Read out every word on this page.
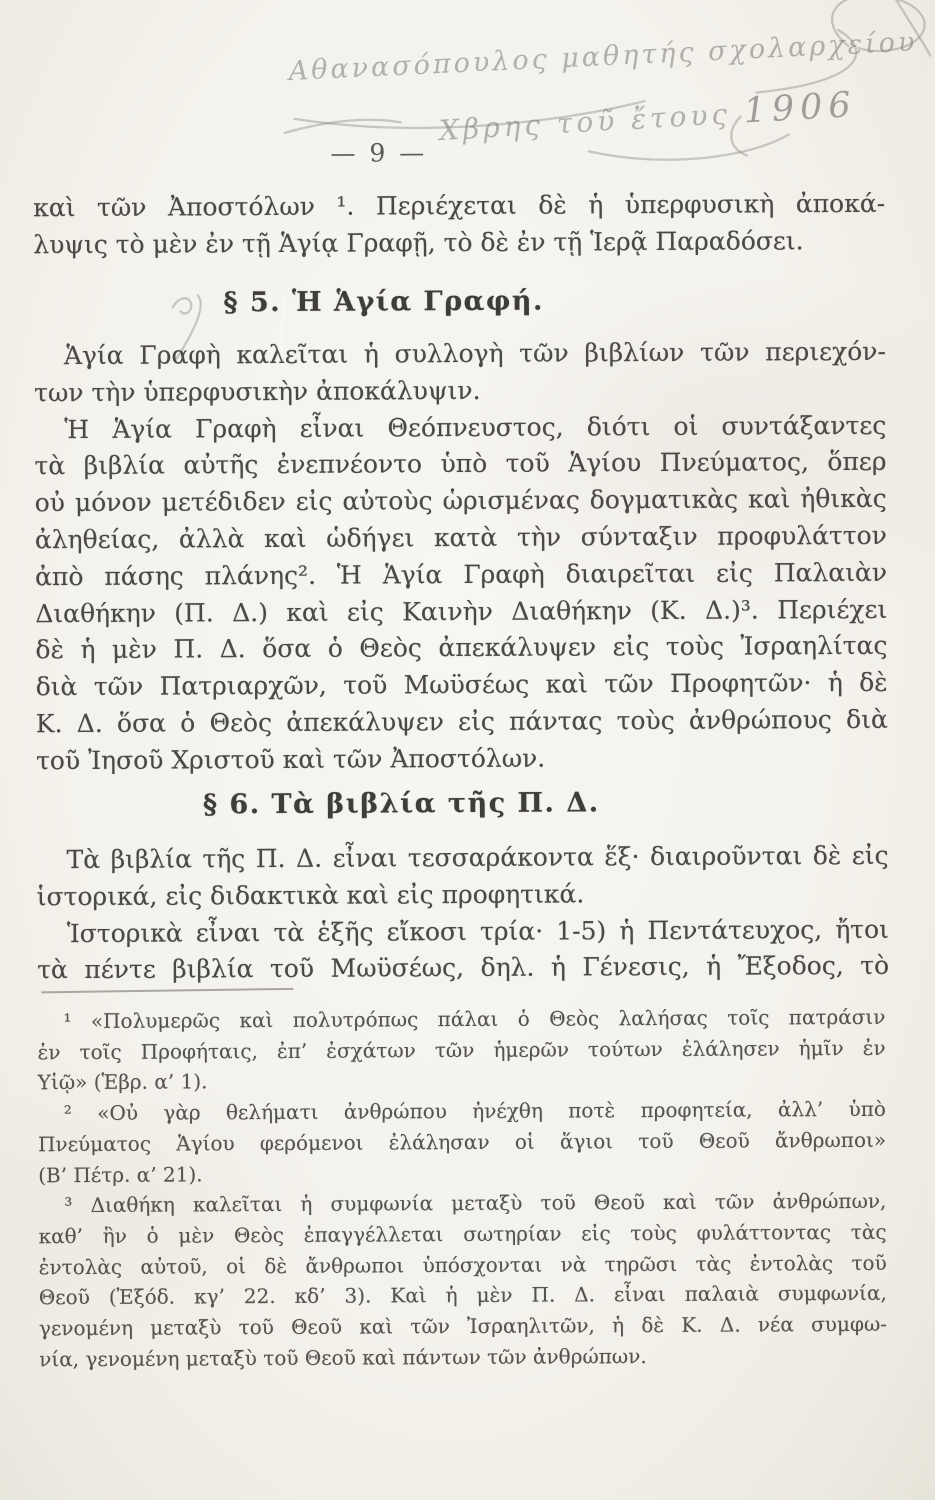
Αθανασόπουλος μαθητής σχολαρχείου
Χβρης τοῦ ἔτους 1906
— 9 —
καὶ τῶν Ἀποστόλων ¹. Περιέχεται δὲ ἡ ὑπερφυσικὴ ἀποκά-
λυψις τὸ μὲν ἐν τῇ Ἁγίᾳ Γραφῇ, τὸ δὲ ἐν τῇ Ἱερᾷ Παραδόσει.
§ 5. Ἡ Ἁγία Γραφή.
Ἁγία Γραφὴ καλεῖται ἡ συλλογὴ τῶν βιβλίων τῶν περιεχόν-
των τὴν ὑπερφυσικὴν ἀποκάλυψιν.
Ἡ Ἁγία Γραφὴ εἶναι Θεόπνευστος, διότι οἱ συντάξαντες
τὰ βιβλία αὐτῆς ἐνεπνέοντο ὑπὸ τοῦ Ἁγίου Πνεύματος, ὅπερ
οὐ μόνον μετέδιδεν εἰς αὐτοὺς ὡρισμένας δογματικὰς καὶ ἠθικὰς
ἀληθείας, ἀλλὰ καὶ ὡδήγει κατὰ τὴν σύνταξιν προφυλάττον
ἀπὸ πάσης πλάνης². Ἡ Ἁγία Γραφὴ διαιρεῖται εἰς Παλαιὰν
Διαθήκην (Π. Δ.) καὶ εἰς Καινὴν Διαθήκην (Κ. Δ.)³. Περιέχει
δὲ ἡ μὲν Π. Δ. ὅσα ὁ Θεὸς ἀπεκάλυψεν εἰς τοὺς Ἰσραηλίτας
διὰ τῶν Πατριαρχῶν, τοῦ Μωϋσέως καὶ τῶν Προφητῶν· ἡ δὲ
Κ. Δ. ὅσα ὁ Θεὸς ἀπεκάλυψεν εἰς πάντας τοὺς ἀνθρώπους διὰ
τοῦ Ἰησοῦ Χριστοῦ καὶ τῶν Ἀποστόλων.
§ 6. Τὰ βιβλία τῆς Π. Δ.
Τὰ βιβλία τῆς Π. Δ. εἶναι τεσσαράκοντα ἕξ· διαιροῦνται δὲ εἰς
ἱστορικά, εἰς διδακτικὰ καὶ εἰς προφητικά.
Ἱστορικὰ εἶναι τὰ ἑξῆς εἴκοσι τρία· 1-5) ἡ Πεντάτευχος, ἤτοι
τὰ πέντε βιβλία τοῦ Μωϋσέως, δηλ. ἡ Γένεσις, ἡ Ἔξοδος, τὸ
¹ «Πολυμερῶς καὶ πολυτρόπως πάλαι ὁ Θεὸς λαλήσας τοῖς πατράσιν
ἐν τοῖς Προφήταις, ἐπ’ ἐσχάτων τῶν ἡμερῶν τούτων ἐλάλησεν ἡμῖν ἐν
Υἱῷ» (Ἑβρ. α’ 1).
² «Οὐ γὰρ θελήματι ἀνθρώπου ἠνέχθη ποτὲ προφητεία, ἀλλ’ ὑπὸ
Πνεύματος Ἁγίου φερόμενοι ἐλάλησαν οἱ ἅγιοι τοῦ Θεοῦ ἄνθρωποι»
(Β’ Πέτρ. α’ 21).
³ Διαθήκη καλεῖται ἡ συμφωνία μεταξὺ τοῦ Θεοῦ καὶ τῶν ἀνθρώπων,
καθ’ ἣν ὁ μὲν Θεὸς ἐπαγγέλλεται σωτηρίαν εἰς τοὺς φυλάττοντας τὰς
ἐντολὰς αὐτοῦ, οἱ δὲ ἄνθρωποι ὑπόσχονται νὰ τηρῶσι τὰς ἐντολὰς τοῦ
Θεοῦ (Ἐξόδ. κγ’ 22. κδ’ 3). Καὶ ἡ μὲν Π. Δ. εἶναι παλαιὰ συμφωνία,
γενομένη μεταξὺ τοῦ Θεοῦ καὶ τῶν Ἰσραηλιτῶν, ἡ δὲ Κ. Δ. νέα συμφω-
νία, γενομένη μεταξὺ τοῦ Θεοῦ καὶ πάντων τῶν ἀνθρώπων.
